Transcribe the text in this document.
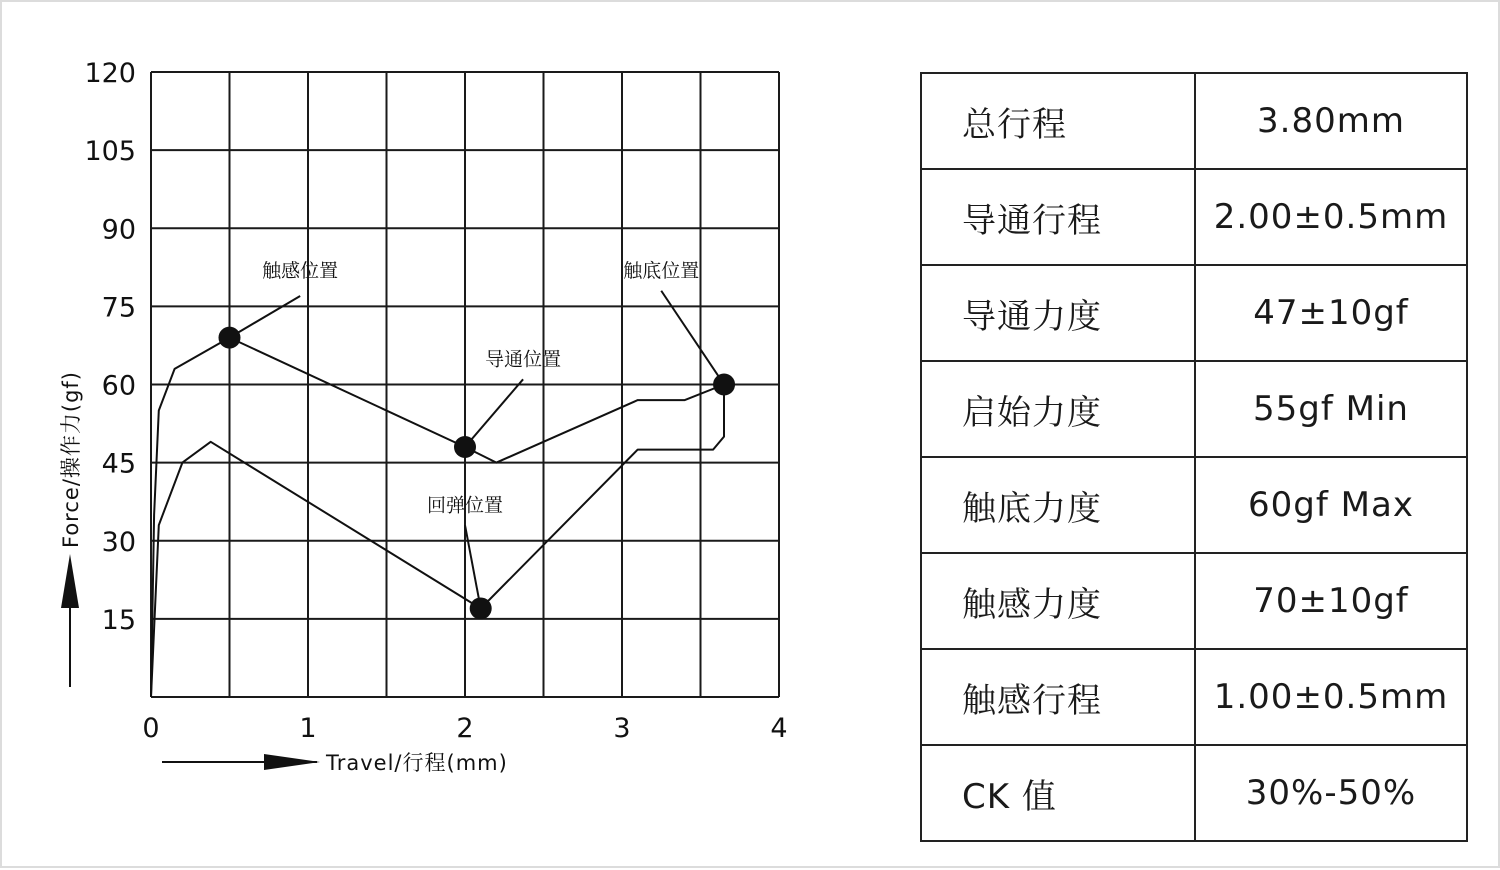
触感位置
导通位置
回弹位置
触底位置
0	1	2	3	4
15
30
45
60
75
90
105
120
Travel/行程(mm)
Force/操作力(gf)
总行程	3.80mm
导通行程	2.00±0.5mm
导通力度	47±10gf
启始力度	55gf Min
触底力度	60gf Max
触感力度	70±10gf
触感行程	1.00±0.5mm
CK 值	30%-50%
